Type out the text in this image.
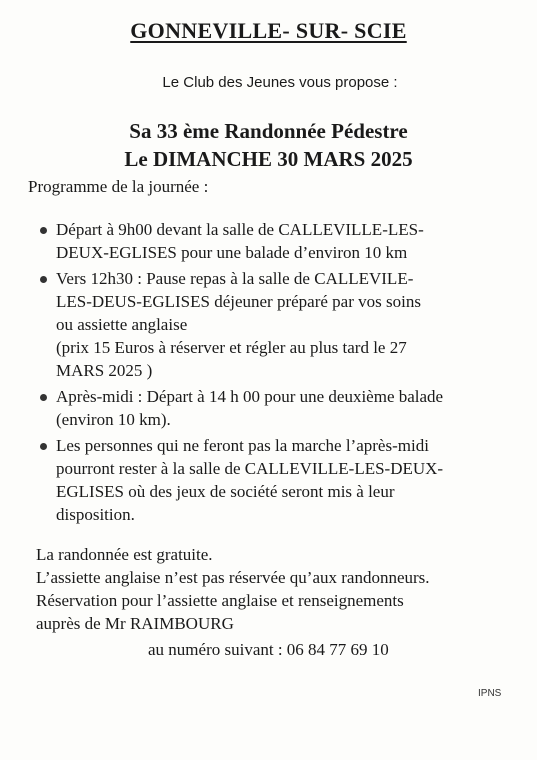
GONNEVILLE- SUR- SCIE
Le Club des Jeunes vous propose :
Sa 33 ème Randonnée Pédestre
Le DIMANCHE 30 MARS 2025
Programme de la journée :
Départ à 9h00 devant la salle de CALLEVILLE-LES-
DEUX-EGLISES pour une balade d’environ 10 km
Vers 12h30 : Pause repas à la salle de CALLEVILE-
LES-DEUS-EGLISES déjeuner préparé par vos soins
ou assiette anglaise
(prix 15 Euros à réserver et régler au plus tard le 27
MARS 2025 )
Après-midi : Départ à 14 h 00 pour une deuxième balade
(environ 10 km).
Les personnes qui ne feront pas la marche l’après-midi
pourront rester à la salle de CALLEVILLE-LES-DEUX-
EGLISES où des jeux de société seront mis à leur
disposition.
La randonnée est gratuite.
L’assiette anglaise n’est pas réservée qu’aux randonneurs.
Réservation pour l’assiette anglaise et renseignements
auprès de Mr RAIMBOURG
au numéro suivant : 06 84 77 69 10
IPNS
